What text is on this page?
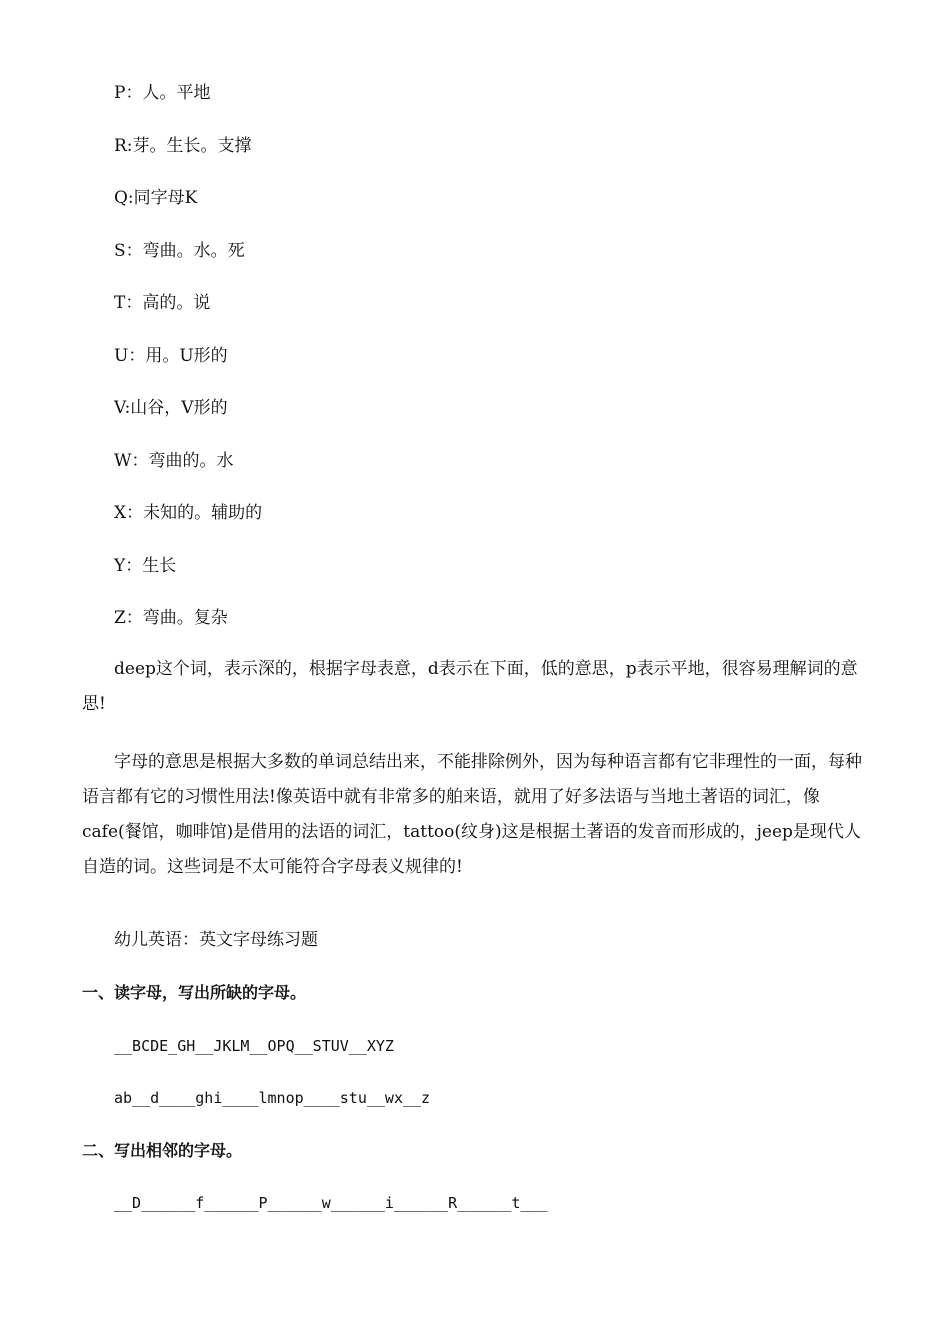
P：人。平地
R:芽。生长。支撑
Q:同字母K
S：弯曲。水。死
T：高的。说
U：用。U形的
V:山谷，V形的
W：弯曲的。水
X：未知的。辅助的
Y：生长
Z：弯曲。复杂
deep这个词，表示深的，根据字母表意，d表示在下面，低的意思，p表示平地，很容易理解词的意思!
字母的意思是根据大多数的单词总结出来，不能排除例外，因为每种语言都有它非理性的一面，每种语言都有它的习惯性用法!像英语中就有非常多的舶来语，就用了好多法语与当地土著语的词汇，像cafe(餐馆，咖啡馆)是借用的法语的词汇，tattoo(纹身)这是根据土著语的发音而形成的，jeep是现代人自造的词。这些词是不太可能符合字母表义规律的!
幼儿英语：英文字母练习题
一、读字母，写出所缺的字母。
__BCDE_GH__JKLM__OPQ__STUV__XYZ
ab__d____ghi____lmnop____stu__wx__z
二、写出相邻的字母。
__D______f______P______w______i______R______t___
